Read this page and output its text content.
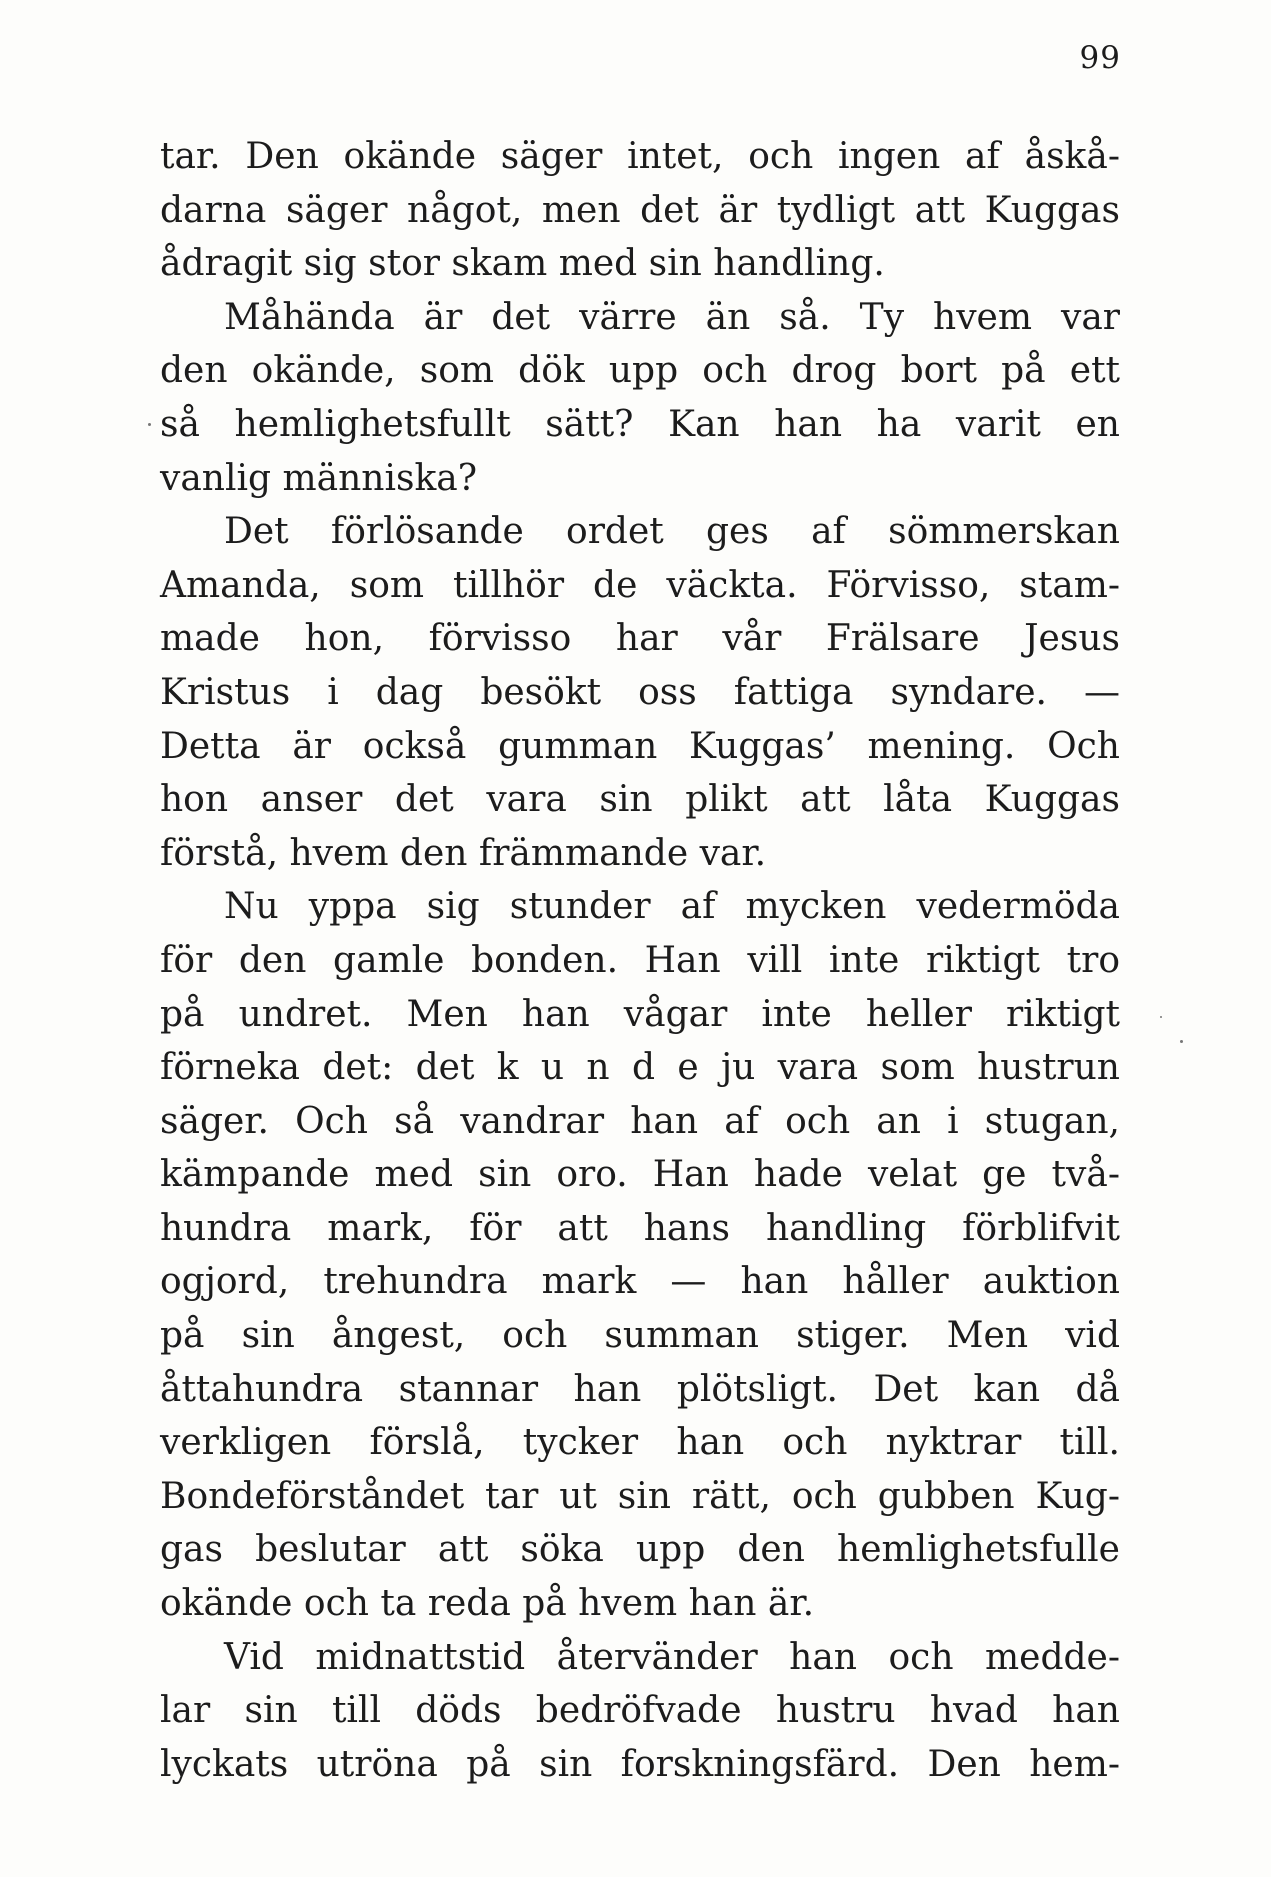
99
tar. Den okände säger intet, och ingen af åskå-
darna säger något, men det är tydligt att Kuggas
ådragit sig stor skam med sin handling.
Måhända är det värre än så. Ty hvem var
den okände, som dök upp och drog bort på ett
så hemlighetsfullt sätt? Kan han ha varit en
vanlig människa?
Det förlösande ordet ges af sömmerskan
Amanda, som tillhör de väckta. Förvisso, stam-
made hon, förvisso har vår Frälsare Jesus
Kristus i dag besökt oss fattiga syndare. —
Detta är också gumman Kuggas’ mening. Och
hon anser det vara sin plikt att låta Kuggas
förstå, hvem den främmande var.
Nu yppa sig stunder af mycken vedermöda
för den gamle bonden. Han vill inte riktigt tro
på undret. Men han vågar inte heller riktigt
förneka det: det k u n d e ju vara som hustrun
säger. Och så vandrar han af och an i stugan,
kämpande med sin oro. Han hade velat ge två-
hundra mark, för att hans handling förblifvit
ogjord, trehundra mark — han håller auktion
på sin ångest, och summan stiger. Men vid
åttahundra stannar han plötsligt. Det kan då
verkligen förslå, tycker han och nyktrar till.
Bondeförståndet tar ut sin rätt, och gubben Kug-
gas beslutar att söka upp den hemlighetsfulle
okände och ta reda på hvem han är.
Vid midnattstid återvänder han och medde-
lar sin till döds bedröfvade hustru hvad han
lyckats utröna på sin forskningsfärd. Den hem-
